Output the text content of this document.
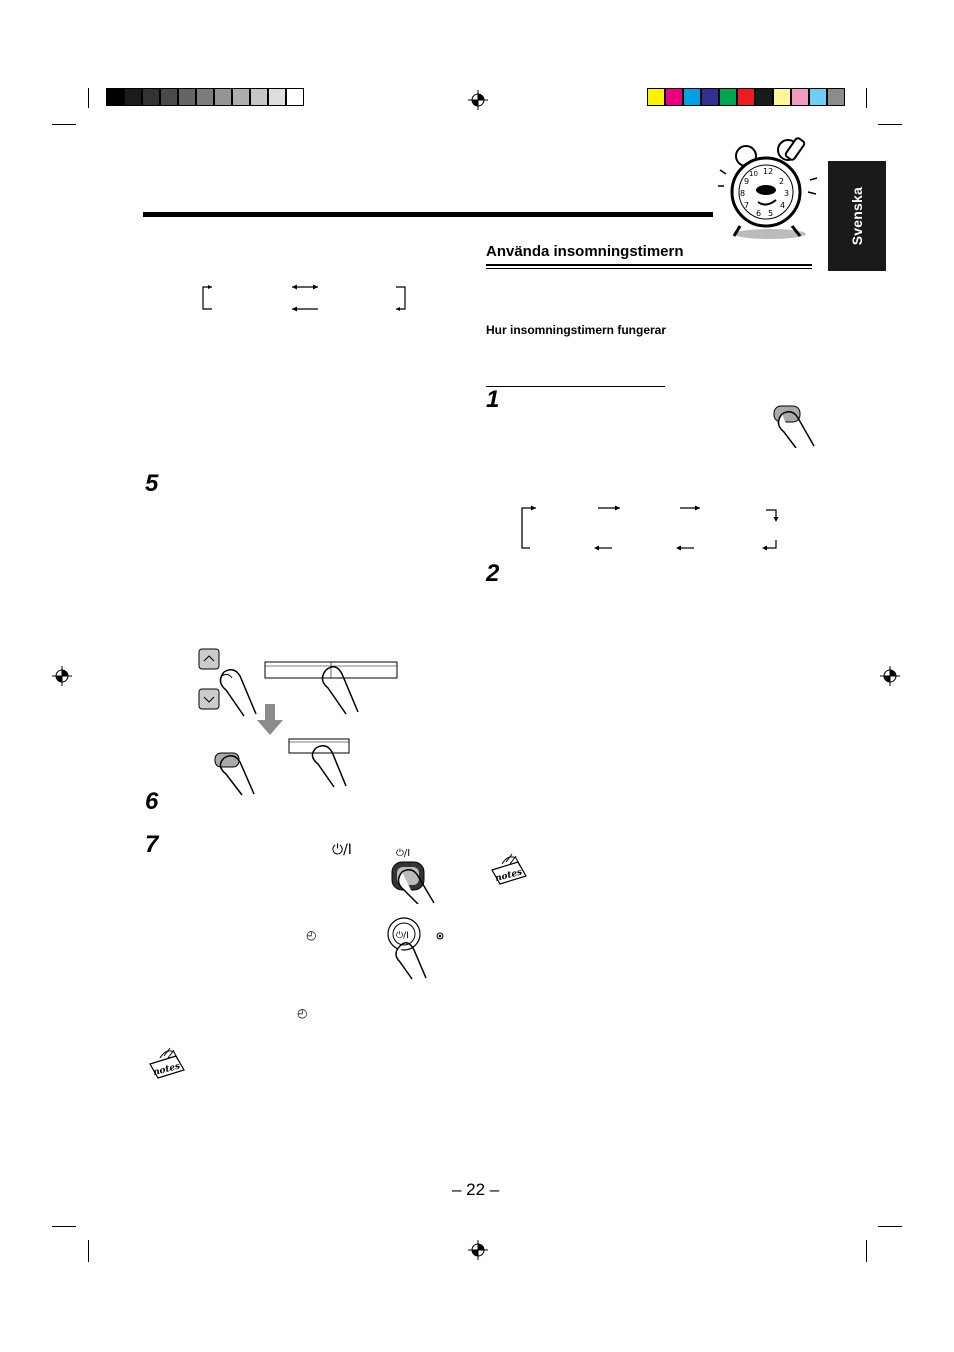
12
2
3
4
5
6
7
8
9
10
Svenska
5
6
7	⏻/I	⏻/I
◴	⏻/I
◴
notes
Använda insomningstimern
Hur insomningstimern fungerar
1
2
notes
– 22 –
